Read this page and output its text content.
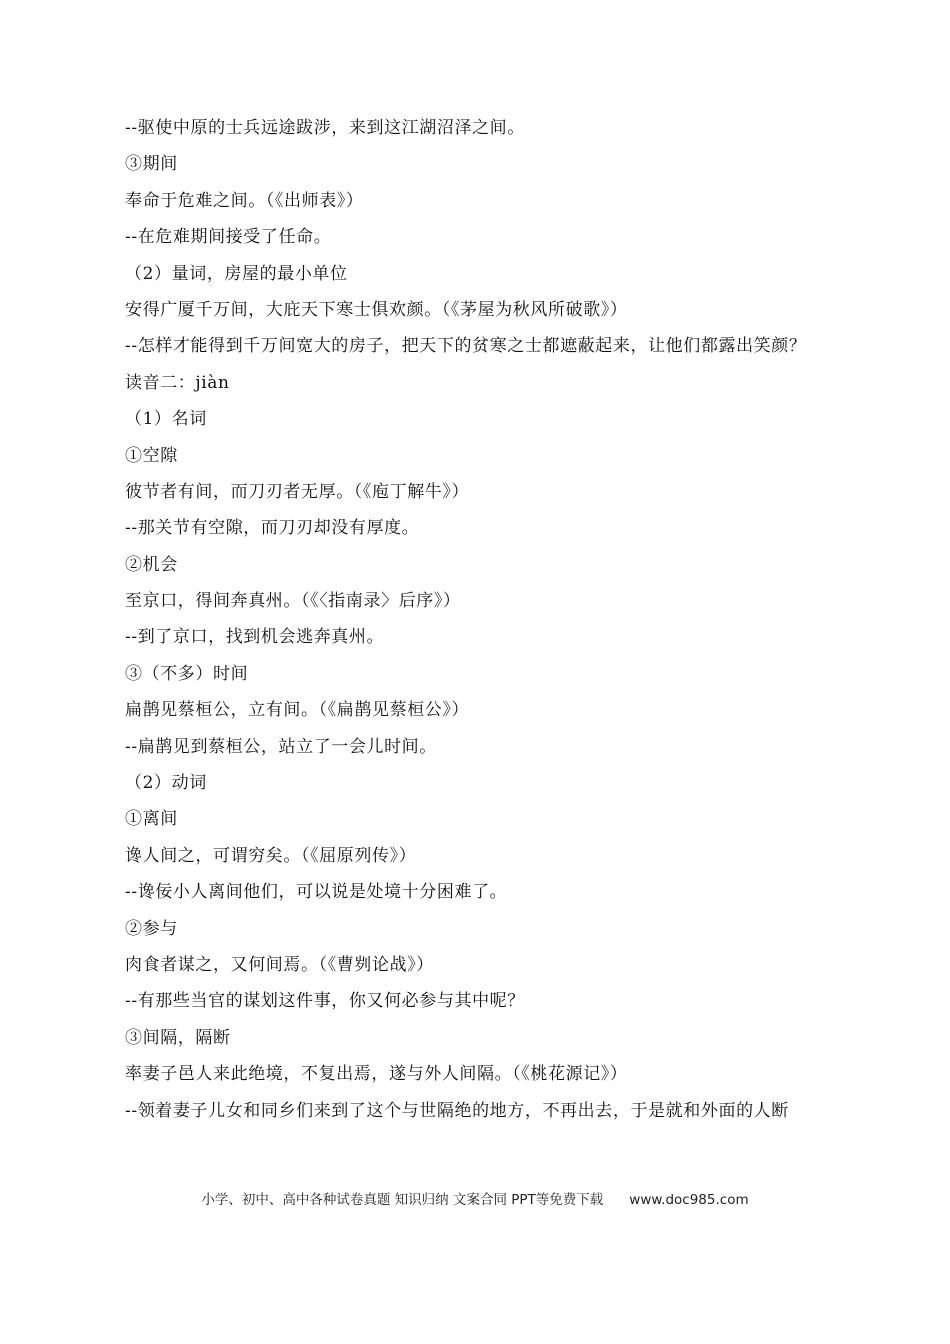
--驱使中原的士兵远途跋涉，来到这江湖沼泽之间。

③期间

奉命于危难之间。（《出师表》）

--在危难期间接受了任命。

（2）量词，房屋的最小单位

安得广厦千万间，大庇天下寒士俱欢颜。（《茅屋为秋风所破歌》）

--怎样才能得到千万间宽大的房子，把天下的贫寒之士都遮蔽起来，让他们都露出笑颜？

读音二：jiàn

（1）名词

①空隙

彼节者有间，而刀刃者无厚。（《庖丁解牛》）

--那关节有空隙，而刀刃却没有厚度。

②机会

至京口，得间奔真州。（《〈指南录〉后序》）

--到了京口，找到机会逃奔真州。

③（不多）时间

扁鹊见蔡桓公，立有间。（《扁鹊见蔡桓公》）

--扁鹊见到蔡桓公，站立了一会儿时间。

（2）动词

①离间

谗人间之，可谓穷矣。（《屈原列传》）

--谗佞小人离间他们，可以说是处境十分困难了。

②参与

肉食者谋之，又何间焉。（《曹刿论战》）

--有那些当官的谋划这件事，你又何必参与其中呢？

③间隔，隔断

率妻子邑人来此绝境，不复出焉，遂与外人间隔。（《桃花源记》）

--领着妻子儿女和同乡们来到了这个与世隔绝的地方，不再出去，于是就和外面的人断

小学、初中、高中各种试卷真题 知识归纳 文案合同 PPT等免费下载 www.doc985.com
